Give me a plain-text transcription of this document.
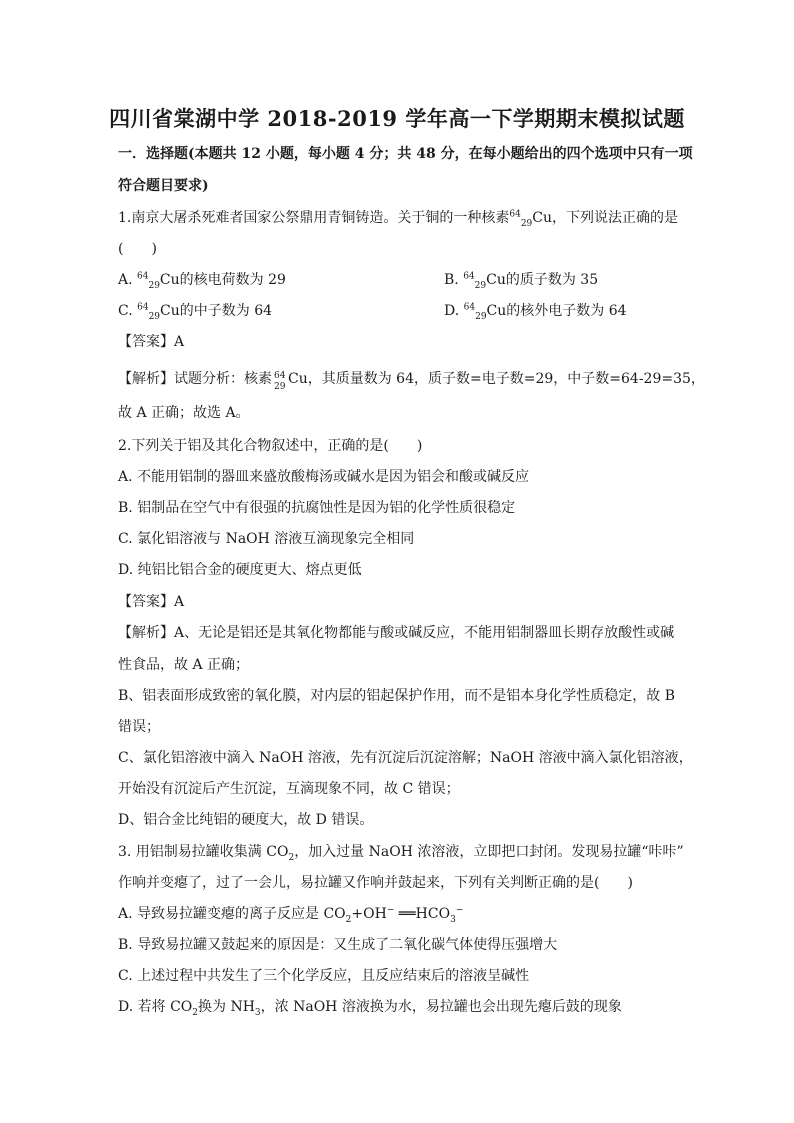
四川省棠湖中学 2018-2019 学年高一下学期期末模拟试题
一．选择题(本题共 12 小题，每小题 4 分；共 48 分，在每小题给出的四个选项中只有一项
符合题目要求)
1.南京大屠杀死难者国家公祭鼎用青铜铸造。关于铜的一种核素$^{64}_{29}$Cu，下列说法正确的是
(　　)
A. $^{64}_{29}$Cu的核电荷数为 29	B. $^{64}_{29}$Cu的质子数为 35
C. $^{64}_{29}$Cu的中子数为 64	D. $^{64}_{29}$Cu的核外电子数为 64
【答案】A
【解析】试题分析：核素 64
29 Cu，其质量数为 64，质子数=电子数=29，中子数=64-29=35，
故 A 正确；故选 A。
2.下列关于铝及其化合物叙述中，正确的是(　　)
A. 不能用铝制的器皿来盛放酸梅汤或碱水是因为铝会和酸或碱反应
B. 铝制品在空气中有很强的抗腐蚀性是因为铝的化学性质很稳定
C. 氯化铝溶液与 NaOH 溶液互滴现象完全相同
D. 纯铝比铝合金的硬度更大、熔点更低
【答案】A
【解析】A、无论是铝还是其氧化物都能与酸或碱反应，不能用铝制器皿长期存放酸性或碱
性食品，故 A 正确；
B、铝表面形成致密的氧化膜，对内层的铝起保护作用，而不是铝本身化学性质稳定，故 B
错误；
C、氯化铝溶液中滴入 NaOH 溶液，先有沉淀后沉淀溶解；NaOH 溶液中滴入氯化铝溶液，
开始没有沉淀后产生沉淀，互滴现象不同，故 C 错误；
D、铝合金比纯铝的硬度大，故 D 错误。
3. 用铝制易拉罐收集满 $CO_2$，加入过量 NaOH 浓溶液，立即把口封闭。发现易拉罐“咔咔”
作响并变瘪了，过了一会儿，易拉罐又作响并鼓起来，下列有关判断正确的是(　　)
A. 导致易拉罐变瘪的离子反应是 $CO_2+OH^-$ $══HCO_3^-$
B. 导致易拉罐又鼓起来的原因是：又生成了二氧化碳气体使得压强增大
C. 上述过程中共发生了三个化学反应，且反应结束后的溶液呈碱性
D. 若将 $CO_2$换为 $NH_3$，浓 NaOH 溶液换为水，易拉罐也会出现先瘪后鼓的现象
